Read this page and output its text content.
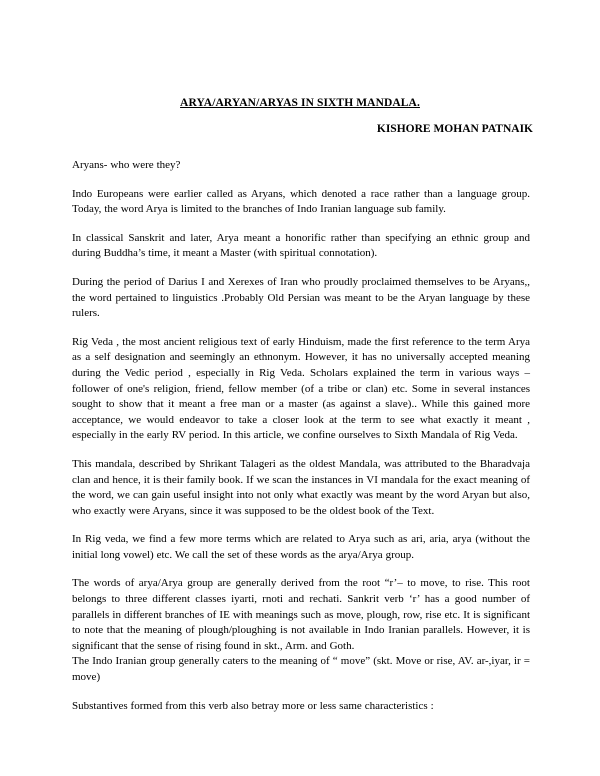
ARYA/ARYAN/ARYAS IN SIXTH MANDALA.

KISHORE MOHAN PATNAIK

Aryans- who were they?

Indo Europeans were earlier called as Aryans, which denoted a race rather than a language group. Today, the word Arya is limited to the branches of Indo Iranian language sub family.

In classical Sanskrit and later, Arya meant a honorific rather than specifying an ethnic group and during Buddha’s time, it meant a Master (with spiritual connotation).

During the period of Darius I and Xerexes of Iran who proudly proclaimed themselves to be Aryans,, the word pertained to linguistics .Probably Old Persian was meant to be the Aryan language by these rulers.

Rig Veda , the most ancient religious text of early Hinduism, made the first reference to the term Arya as a self designation and seemingly an ethnonym. However, it has no universally accepted meaning during the Vedic period , especially in Rig Veda. Scholars explained the term in various ways – follower of one's religion, friend, fellow member (of a tribe or clan) etc. Some in several instances sought to show that it meant a free man or a master (as against a slave).. While this gained more acceptance, we would endeavor to take a closer look at the term to see what exactly it meant , especially in the early RV period. In this article, we confine ourselves to Sixth Mandala of Rig Veda.

This mandala, described by Shrikant Talageri as the oldest Mandala, was attributed to the Bharadvaja clan and hence, it is their family book. If we scan the instances in VI mandala for the exact meaning of the word, we can gain useful insight into not only what exactly was meant by the word Aryan but also, who exactly were Aryans, since it was supposed to be the oldest book of the Text.

In Rig veda, we find a few more terms which are related to Arya such as ari, aria, arya (without the initial long vowel) etc. We call the set of these words as the arya/Arya group.

The words of arya/Arya group are generally derived from the root “r’– to move, to rise. This root belongs to three different classes iyarti, rnoti and rechati. Sankrit verb ‘r’ has a good number of parallels in different branches of IE with meanings such as move, plough, row, rise etc. It is significant to note that the meaning of plough/ploughing is not available in Indo Iranian parallels. However, it is significant that the sense of rising found in skt., Arm. and Goth.

The Indo Iranian group generally caters to the meaning of “ move” (skt. Move or rise, AV. ar-,iyar, ir = move)

Substantives formed from this verb also betray more or less same characteristics :
